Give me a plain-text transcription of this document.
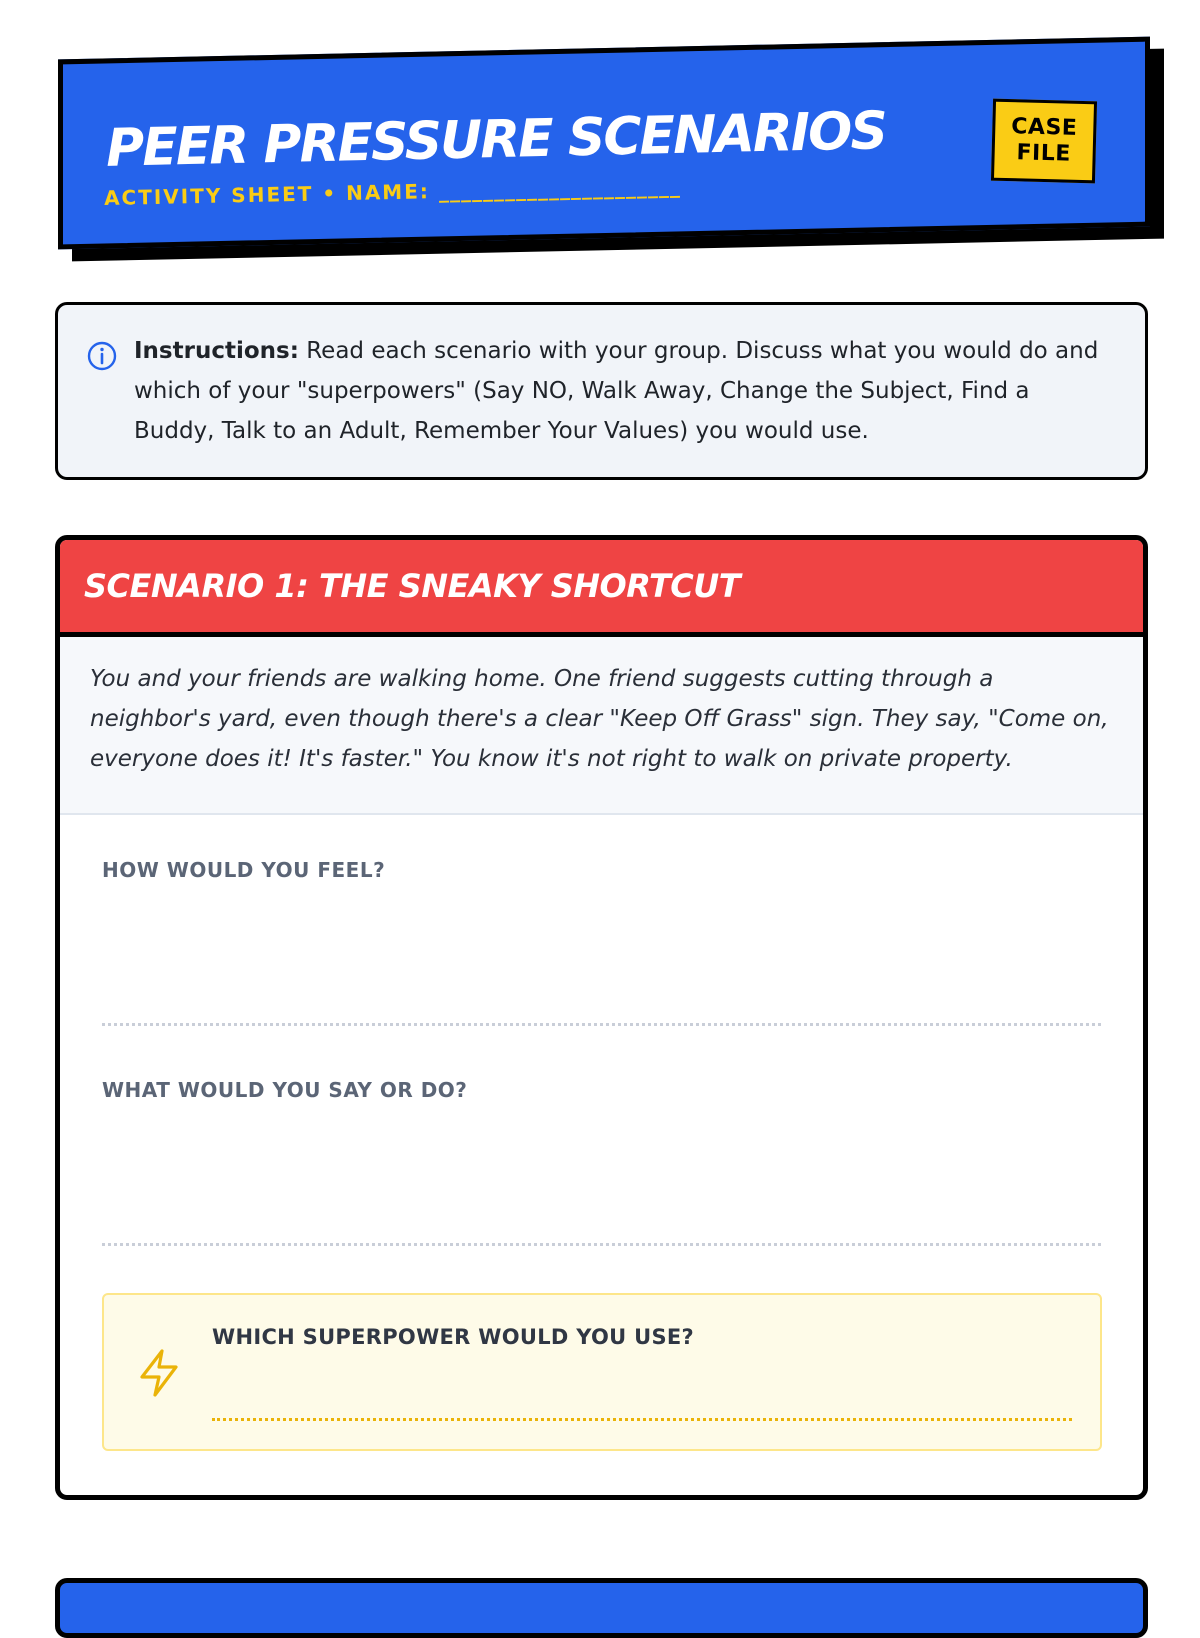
PEER PRESSURE SCENARIOS
ACTIVITY SHEET • NAME: ______________________
CASE
FILE

Instructions: Read each scenario with your group. Discuss what you would do and which of your "superpowers" (Say NO, Walk Away, Change the Subject, Find a Buddy, Talk to an Adult, Remember Your Values) you would use.

SCENARIO 1: THE SNEAKY SHORTCUT

You and your friends are walking home. One friend suggests cutting through a neighbor's yard, even though there's a clear "Keep Off Grass" sign. They say, "Come on, everyone does it! It's faster." You know it's not right to walk on private property.

HOW WOULD YOU FEEL?
WHAT WOULD YOU SAY OR DO?
WHICH SUPERPOWER WOULD YOU USE?
